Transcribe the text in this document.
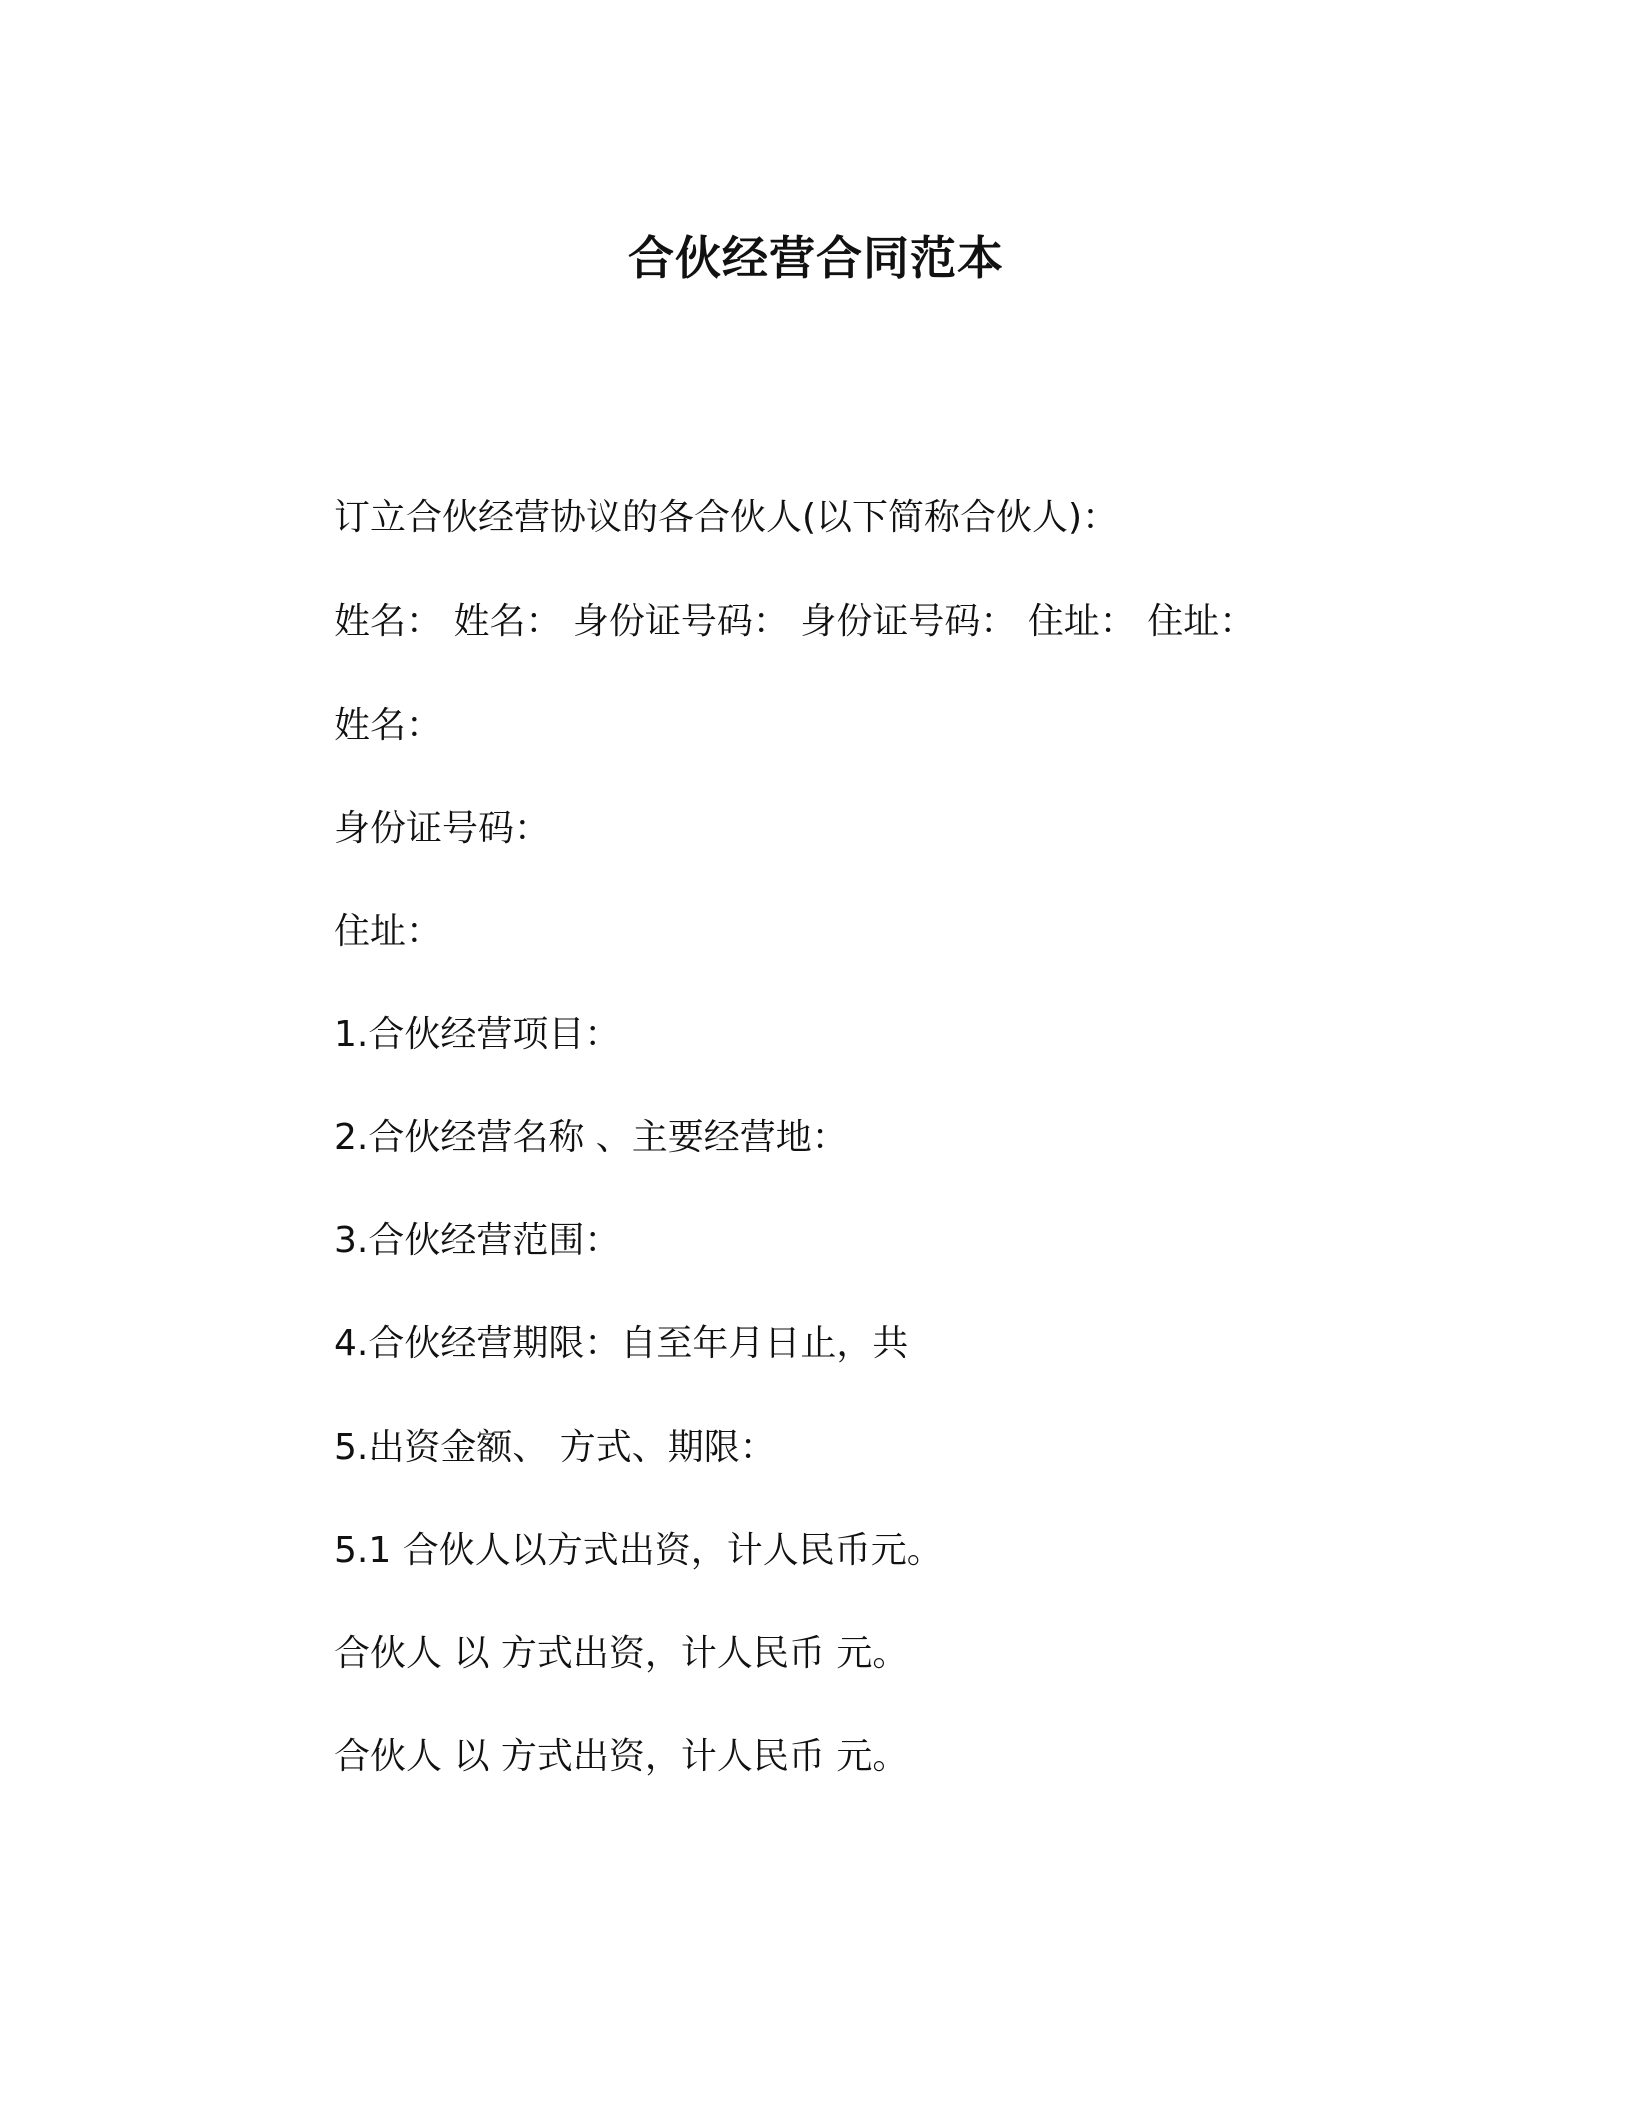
合伙经营合同范本
订立合伙经营协议的各合伙人(以下简称合伙人)：
姓名： 姓名： 身份证号码： 身份证号码： 住址： 住址：
姓名：
身份证号码：
住址：
1.合伙经营项目：
2.合伙经营名称 、主要经营地：
3.合伙经营范围：
4.合伙经营期限：自至年月日止，共
5.出资金额、 方式、期限：
5.1 合伙人以方式出资，计人民币元。
合伙人 以 方式出资，计人民币 元。
合伙人 以 方式出资，计人民币 元。
